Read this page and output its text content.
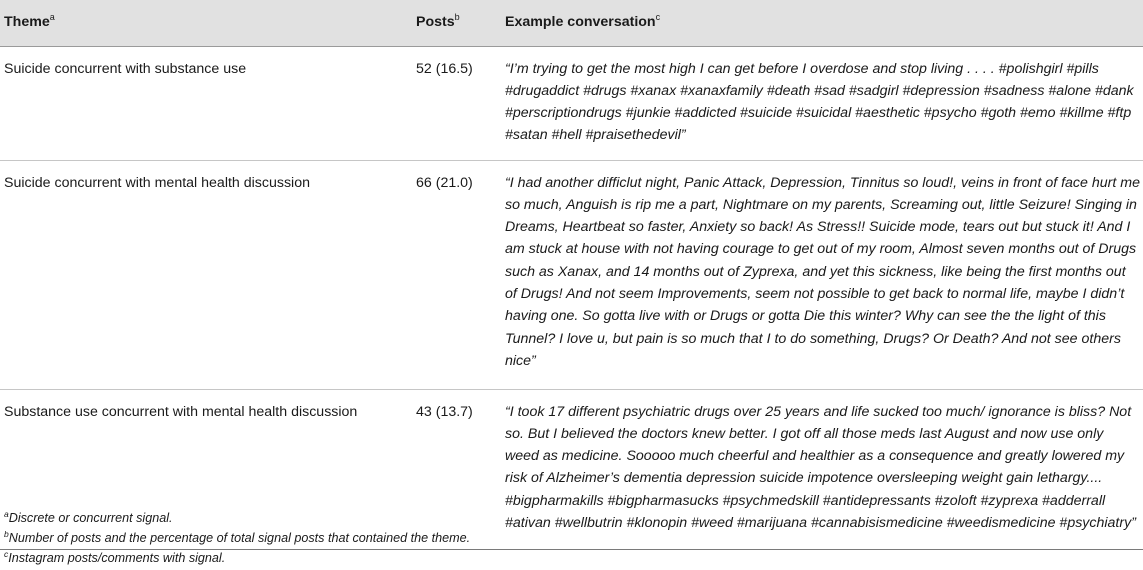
Theme$^a$	Posts$^b$	Example conversation$^c$
Suicide concurrent with substance use	52 (16.5)	“I’m trying to get the most high I can get before I overdose and stop living . . . . #polishgirl #pills #drugaddict #drugs #xanax #xanaxfamily #death #sad #sadgirl #depression #sadness #alone #dank #perscriptiondrugs #junkie #addicted #suicide #suicidal #aesthetic #psycho #goth #emo #killme #ftp #satan #hell #praisethedevil”
Suicide concurrent with mental health discussion	66 (21.0)	“I had another difficlut night, Panic Attack, Depression, Tinnitus so loud!, veins in front of face hurt me so much, Anguish is rip me a part, Nightmare on my parents, Screaming out, little Seizure! Singing in Dreams, Heartbeat so faster, Anxiety so back! As Stress!! Suicide mode, tears out but stuck it! And I am stuck at house with not having courage to get out of my room, Almost seven months out of Drugs such as Xanax, and 14 months out of Zyprexa, and yet this sickness, like being the first months out of Drugs! And not seem Improvements, seem not possible to get back to normal life, maybe I didn’t having one. So gotta live with or Drugs or gotta Die this winter? Why can see the the light of this Tunnel? I love u, but pain is so much that I to do something, Drugs? Or Death? And not see others nice”
Substance use concurrent with mental health discussion	43 (13.7)	“I took 17 different psychiatric drugs over 25 years and life sucked too much/ ignorance is bliss? Not so. But I believed the doctors knew better. I got off all those meds last August and now use only weed as medicine. Sooooo much cheerful and healthier as a consequence and greatly lowered my risk of Alzheimer’s dementia depression suicide impotence oversleeping weight gain lethargy.... #bigpharmakills #bigpharmasucks #psychmedskill #antidepressants #zoloft #zyprexa #adderrall #ativan #wellbutrin #klonopin #weed #marijuana #cannabisismedicine #weedismedicine #psychiatry”
$^a$Discrete or concurrent signal.
$^b$Number of posts and the percentage of total signal posts that contained the theme.
$^c$Instagram posts/comments with signal.
